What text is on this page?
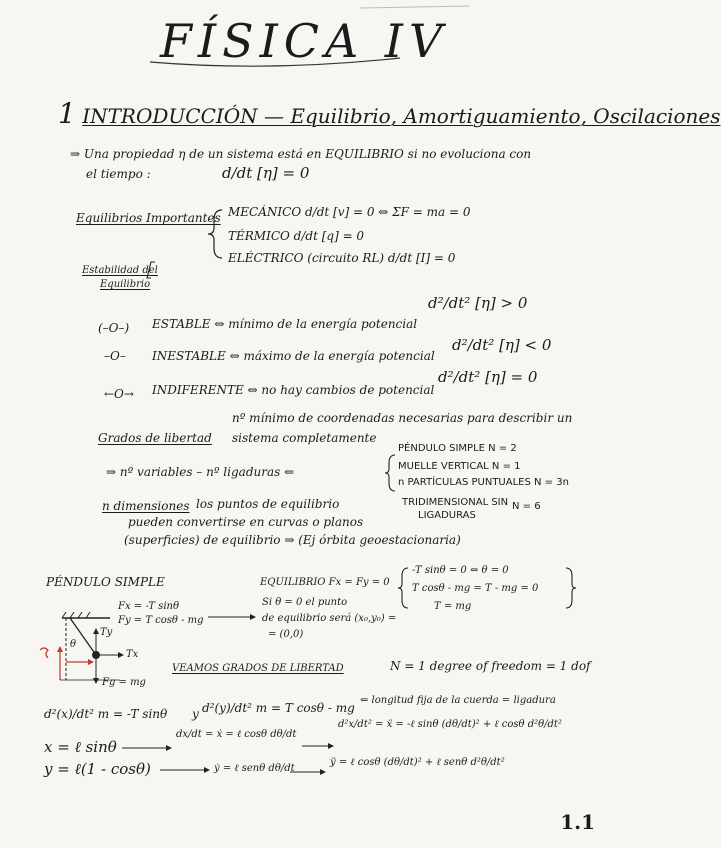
FÍSICA IV
1 INTRODUCCIÓN — Equilibrio, Amortiguamiento, Oscilaciones
⇒ Una propiedad η de un sistema está en EQUILIBRIO si no evoluciona con
el tiempo :	d/dt [η] = 0
Equilibrios Importantes MECÁNICO d/dt [v] = 0 ⇔ ΣF = ma = 0
TÉRMICO d/dt [q] = 0
ELÉCTRICO (circuito RL) d/dt [I] = 0
Estabilidad del
Equilibrio
(–O–) ESTABLE ⇔ mínimo de la energía potencial
d²/dt² [η] > 0
–O– INESTABLE ⇔ máximo de la energía potencial
d²/dt² [η] < 0
←O→ INDIFERENTE ⇔ no hay cambios de potencial
d²/dt² [η] = 0
Grados de libertad
nº mínimo de coordenadas necesarias para describir un
sistema completamente
⇒ nº variables – nº ligaduras ⇐
PÉNDULO SIMPLE N = 2
MUELLE VERTICAL N = 1
n PARTÍCULAS PUNTUALES N = 3n
TRIDIMENSIONAL SIN
LIGADURAS
N = 6
n dimensiones los puntos de equilibrio
pueden convertirse en curvas o planos
(superficies) de equilibrio ⇒ (Ej órbita geoestacionaria)
PÉNDULO SIMPLE
Fx = -T sinθ
Fy = T cosθ - mg
EQUILIBRIO Fx = Fy = 0
Si θ = 0 el punto
de equilibrio será (x₀,y₀) =
= (0,0)
-T sinθ = 0 ⇔ θ = 0
T cosθ - mg = T - mg = 0
T = mg
θ
Ty
Tx
Fg = mg
VEAMOS GRADOS DE LIBERTAD	N = 1 degree of freedom = 1 dof
d²(x)/dt² m = -T sinθ y d²(y)/dt² m = T cosθ - mg
⇐ longitud fija de la cuerda = ligadura
x = ℓ sinθ
dx/dt = ẋ = ℓ cosθ dθ/dt
d²x/dt² = ẍ = -ℓ sinθ (dθ/dt)² + ℓ cosθ d²θ/dt²
y = ℓ(1 - cosθ)	ẏ = ℓ senθ dθ/dt
ÿ = ℓ cosθ (dθ/dt)² + ℓ senθ d²θ/dt²
1.1
